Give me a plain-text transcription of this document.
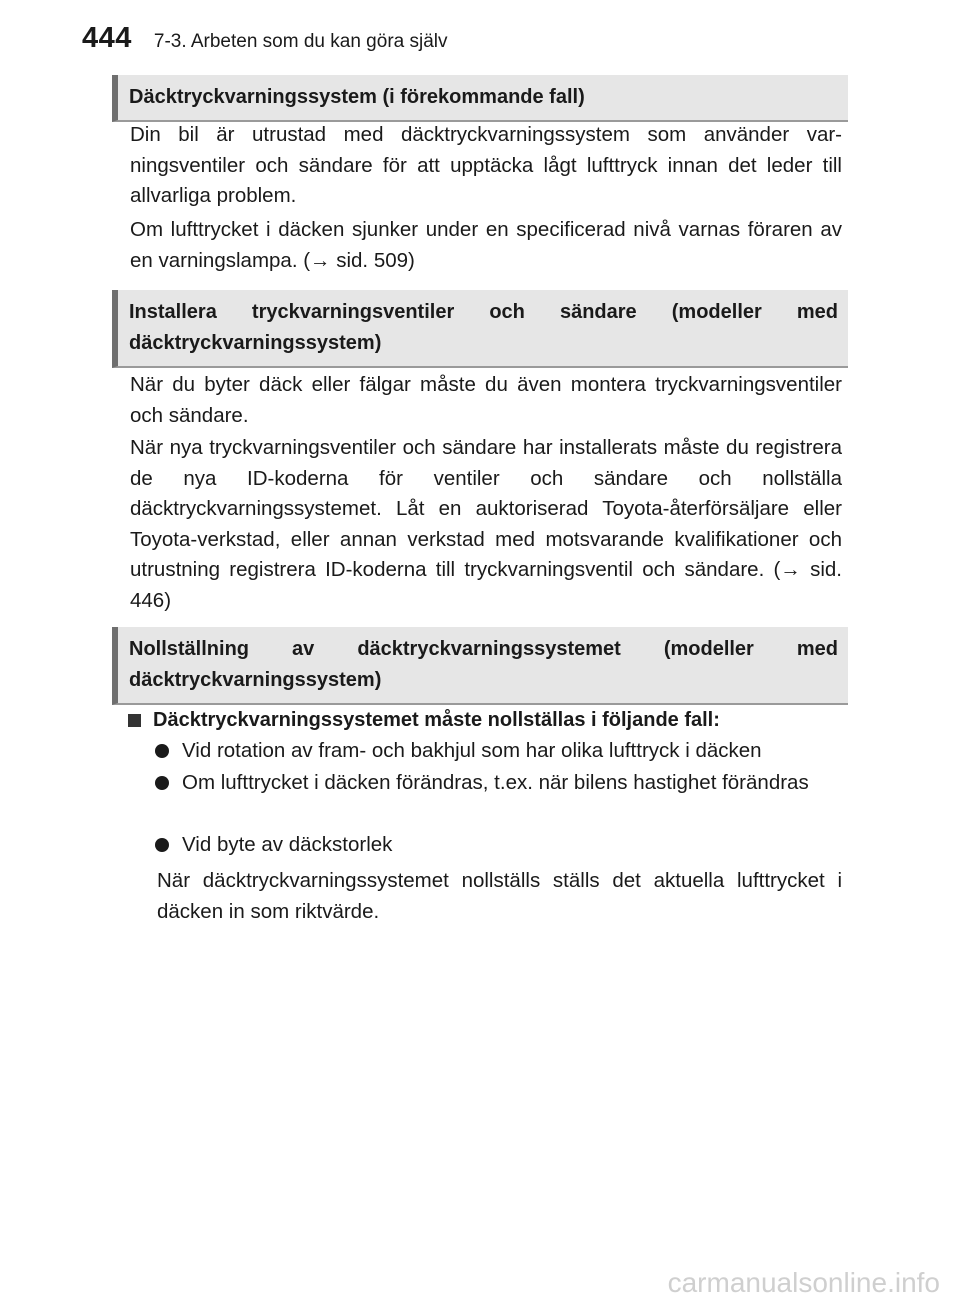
444 7-3. Arbeten som du kan göra själv
Däcktryckvarningssystem (i förekommande fall)

Din bil är utrustad med däcktryckvarningssystem som använder varningsventiler och sändare för att upptäcka lågt lufttryck innan det leder till allvarliga problem.

Om lufttrycket i däcken sjunker under en specificerad nivå varnas föraren av en varningslampa. (→ sid. 509)

Installera tryckvarningsventiler och sändare (modeller med däcktryckvarningssystem)

När du byter däck eller fälgar måste du även montera tryckvarningsventiler och sändare.

När nya tryckvarningsventiler och sändare har installerats måste du registrera de nya ID-koderna för ventiler och sändare och nollställa däcktryckvarningssystemet. Låt en auktoriserad Toyota-återförsäljare eller Toyota-verkstad, eller annan verkstad med motsvarande kvalifikationer och utrustning registrera ID-koderna till tryckvarningsventil och sändare. (→ sid. 446)

Nollställning av däcktryckvarningssystemet (modeller med däcktryckvarningssystem)
Däcktryckvarningssystemet måste nollställas i följande fall:
Vid rotation av fram- och bakhjul som har olika lufttryck i däcken
Om lufttrycket i däcken förändras, t.ex. när bilens hastighet förändras
Vid byte av däckstorlek

När däcktryckvarningssystemet nollställs ställs det aktuella lufttrycket i däcken in som riktvärde.

carmanualsonline.info
